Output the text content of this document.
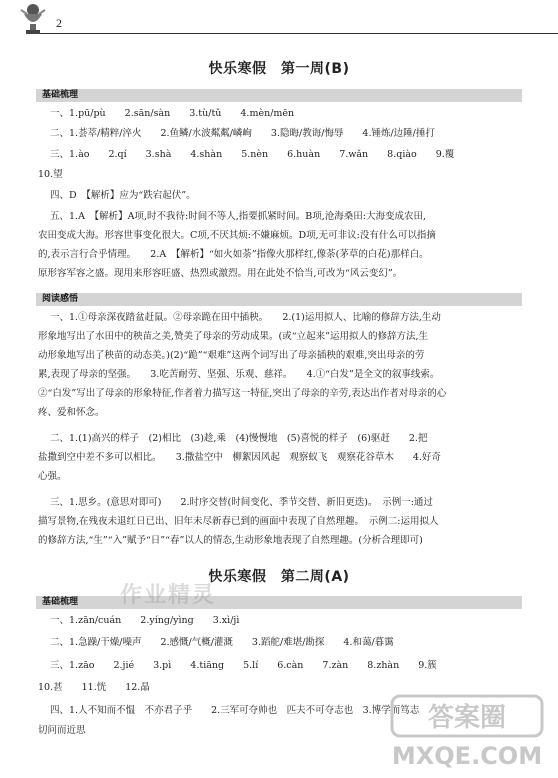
2
快乐寒假　第一周(B)
基础梳理
一、1.pū/pù　　2.sān/sàn　　3.tù/tǔ　　4.mèn/mēn
二、1.荟萃/精粹/淬火　　2.鱼鳞/水波粼粼/嶙峋　　3.隐晦/教诲/悔辱　　4.锤炼/边陲/捶打
三、1.ào　　2.qí　　3.shà　　4.shàn　　5.nèn　　6.huàn　　7.wǎn　　8.qiào　　9.覆
10.望
四、D　【解析】应为“跌宕起伏”。
五、1.A　【解析】A项,时不我待:时间不等人,指要抓紧时间。B项,沧海桑田:大海变成农田,
农田变成大海。形容世事变化很大。C项,不厌其烦:不嫌麻烦。D项,无可非议:没有什么可以指摘
的,表示言行合乎情理。　　2.A　【解析】“如火如荼”指像火那样红,像荼(茅草的白花)那样白。
原形容军容之盛。现用来形容旺盛、热烈或激烈。用在此处不恰当,可改为“风云变幻”。
阅读感悟
一、1.①母亲深夜踏盆赶鼠。②母亲跪在田中插秧。　　2.(1)运用拟人、比喻的修辞方法,生动
形象地写出了水田中的秧苗之美,赞美了母亲的劳动成果。(或“立起来”运用拟人的修辞方法,生
动形象地写出了秧苗的动态美。)(2)“跪”“艰难”这两个词写出了母亲插秧的艰难,突出母亲的劳
累,表现了母亲的坚强。　　3.吃苦耐劳、坚强、乐观、慈祥。　　4.①“白发”是全文的叙事线索。
②“白发”写出了母亲的形象特征,作者着力描写这一特征,突出了母亲的辛劳,表达出作者对母亲的心
疼、爱和怀念。
二、1.(1)高兴的样子　(2)相比　(3)趁,乘　(4)慢慢地　(5)喜悦的样子　(6)驱赶　　2.把
盐撒到空中差不多可以相比。　　3.撒盐空中　柳絮因风起　观察蚁飞　观察花谷草木　　4.好奇
心强。
三、1.思乡。(意思对即可)　　2.时序交替(时间变化、季节交替、新旧更迭)。　示例一:通过
描写景物,在残夜未退红日已出、旧年未尽新春已到的画面中表现了自然理趣。　示例二:运用拟人
的修辞方法,“生”“入”赋予“日”“春”以人的情态,生动形象地表现了自然理趣。(分析合理即可)
快乐寒假　第二周(A)
基础梳理
一、1.zān/cuán　　2.yíng/yìng　　3.xì/jì
二、1.急躁/干燥/噪声　　2.感慨/气概/灌溉　　3.蹈舵/难堪/勘探　　4.和蔼/暮霭
三、1.zāo　　2.jié　　3.pì　　4.tiāng　　5.lí　　6.càn　　7.zàn　　8.zhàn　　9.簇
10.甚　　11.恍　　12.晶
四、1.人不知而不愠　不亦君子乎　　2.三军可夺帅也　匹夫不可夺志也　3.博学而笃志
切问而近思
作业精灵
答案圈
MXQE.COM
